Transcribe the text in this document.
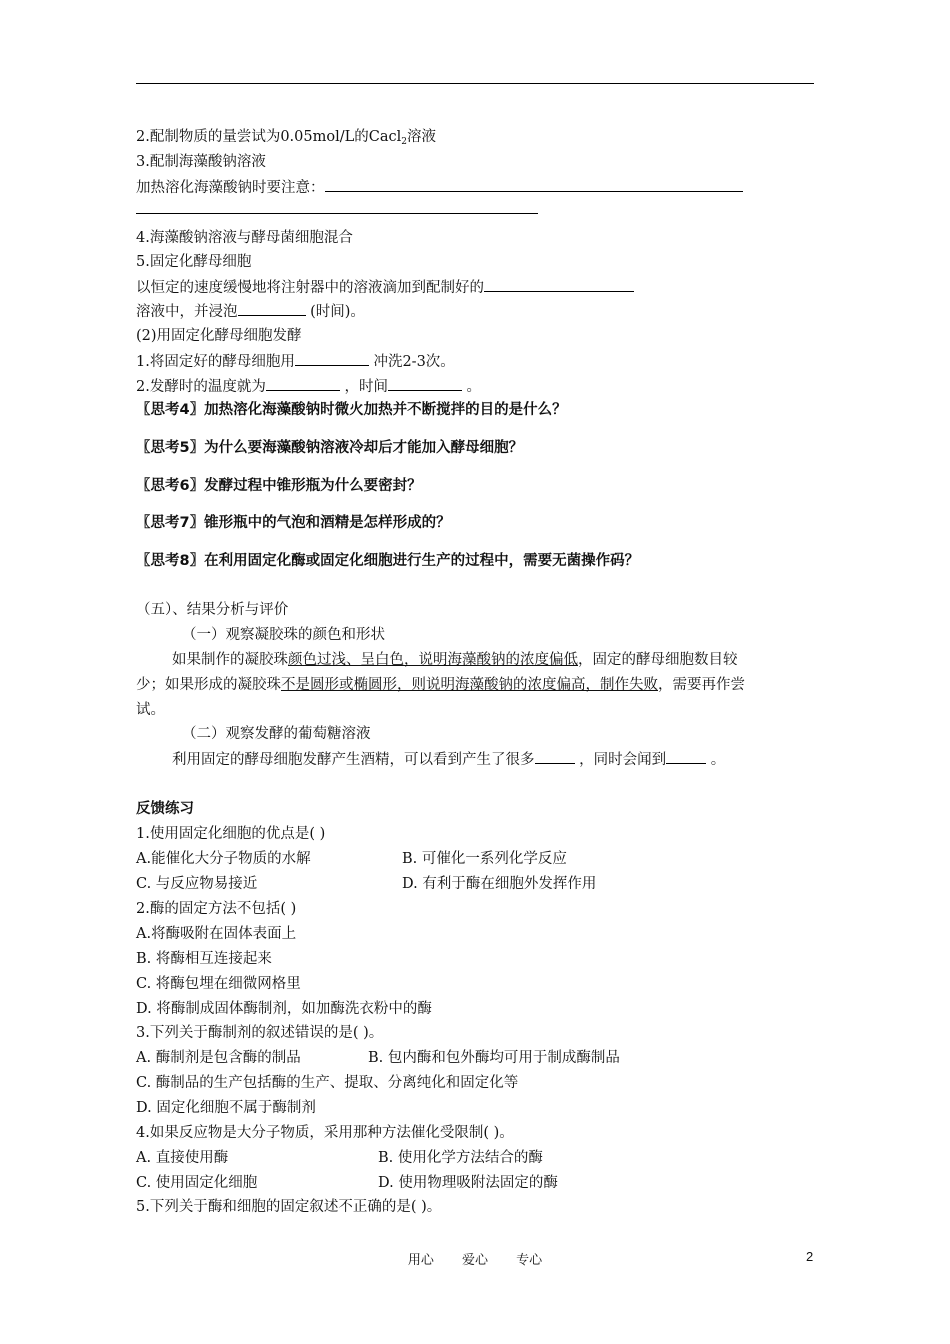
2.配制物质的量尝试为0.05mol/L的Cacl$_2$溶液
3.配制海藻酸钠溶液
加热溶化海藻酸钠时要注意：
4.海藻酸钠溶液与酵母菌细胞混合
5.固定化酵母细胞
以恒定的速度缓慢地将注射器中的溶液滴加到配制好的
溶液中，并浸泡	(时间)。
(2)用固定化酵母细胞发酵
1.将固定好的酵母细胞用	冲洗2-3次。
2.发酵时的温度就为	，时间	。
〖思考4〗加热溶化海藻酸钠时微火加热并不断搅拌的目的是什么？
〖思考5〗为什么要海藻酸钠溶液冷却后才能加入酵母细胞？
〖思考6〗发酵过程中锥形瓶为什么要密封？
〖思考7〗锥形瓶中的气泡和酒精是怎样形成的？
〖思考8〗在利用固定化酶或固定化细胞进行生产的过程中，需要无菌操作码？
（五）、结果分析与评价
（一）观察凝胶珠的颜色和形状
如果制作的凝胶珠颜色过浅、呈白色，说明海藻酸钠的浓度偏低，固定的酵母细胞数目较
少；如果形成的凝胶珠不是圆形或椭圆形，则说明海藻酸钠的浓度偏高，制作失败，需要再作尝
试。
（二）观察发酵的葡萄糖溶液
利用固定的酵母细胞发酵产生酒精，可以看到产生了很多	，同时会闻到	。
反馈练习
1.使用固定化细胞的优点是( )
A.能催化大分子物质的水解	B. 可催化一系列化学反应
C. 与反应物易接近	D. 有利于酶在细胞外发挥作用
2.酶的固定方法不包括( )
A.将酶吸附在固体表面上
B. 将酶相互连接起来
C. 将酶包埋在细微网格里
D. 将酶制成固体酶制剂，如加酶洗衣粉中的酶
3.下列关于酶制剂的叙述错误的是( )。
A. 酶制剂是包含酶的制品	B. 包内酶和包外酶均可用于制成酶制品
C. 酶制品的生产包括酶的生产、提取、分离纯化和固定化等
D. 固定化细胞不属于酶制剂
4.如果反应物是大分子物质，采用那种方法催化受限制( )。
A. 直接使用酶	B. 使用化学方法结合的酶
C. 使用固定化细胞	D. 使用物理吸附法固定的酶
5.下列关于酶和细胞的固定叙述不正确的是( )。
用心 爱心 专心	2
